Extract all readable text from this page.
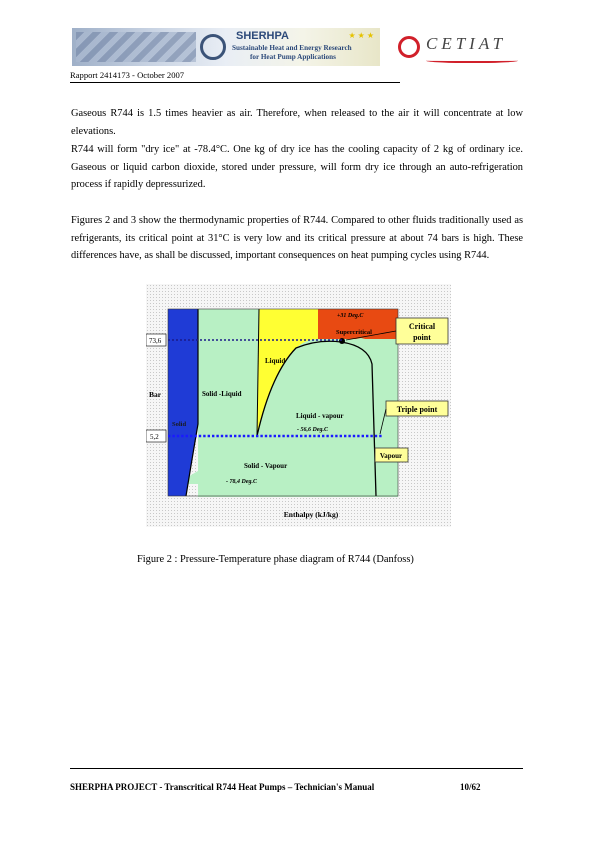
SHERHPA
Sustainable Heat and Energy Research
for Heat Pump Applications
★★★	CETIAT
Rapport 2414173 - October 2007
Gaseous R744 is 1.5 times heavier as air. Therefore, when released to the air it will concentrate at low elevations.
R744 will form "dry ice" at -78.4°C. One kg of dry ice has the cooling capacity of 2 kg of ordinary ice. Gaseous or liquid carbon dioxide, stored under pressure, will form dry ice through an auto-refrigeration process if rapidly depressurized.
Figures 2 and 3 show the thermodynamic properties of R744. Compared to other fluids traditionally used as refrigerants, its critical point at 31°C is very low and its critical pressure at about 74 bars is high. These differences have, as shall be discussed, important consequences on heat pumping cycles using R744.
73,6
5,2
Bar
Solid
Solid -Liquid
Liquid
+31 Deg.C
Supercritical
Liquid - vapour
- 56,6 Deg.C
Solid - Vapour
- 78,4 Deg.C
Critical
point
Triple point
Vapour
Enthalpy (kJ/kg)
Figure 2 : Pressure-Temperature phase diagram of R744 (Danfoss)
SHERPHA PROJECT - Transcritical R744 Heat Pumps – Technician's Manual	10/62
